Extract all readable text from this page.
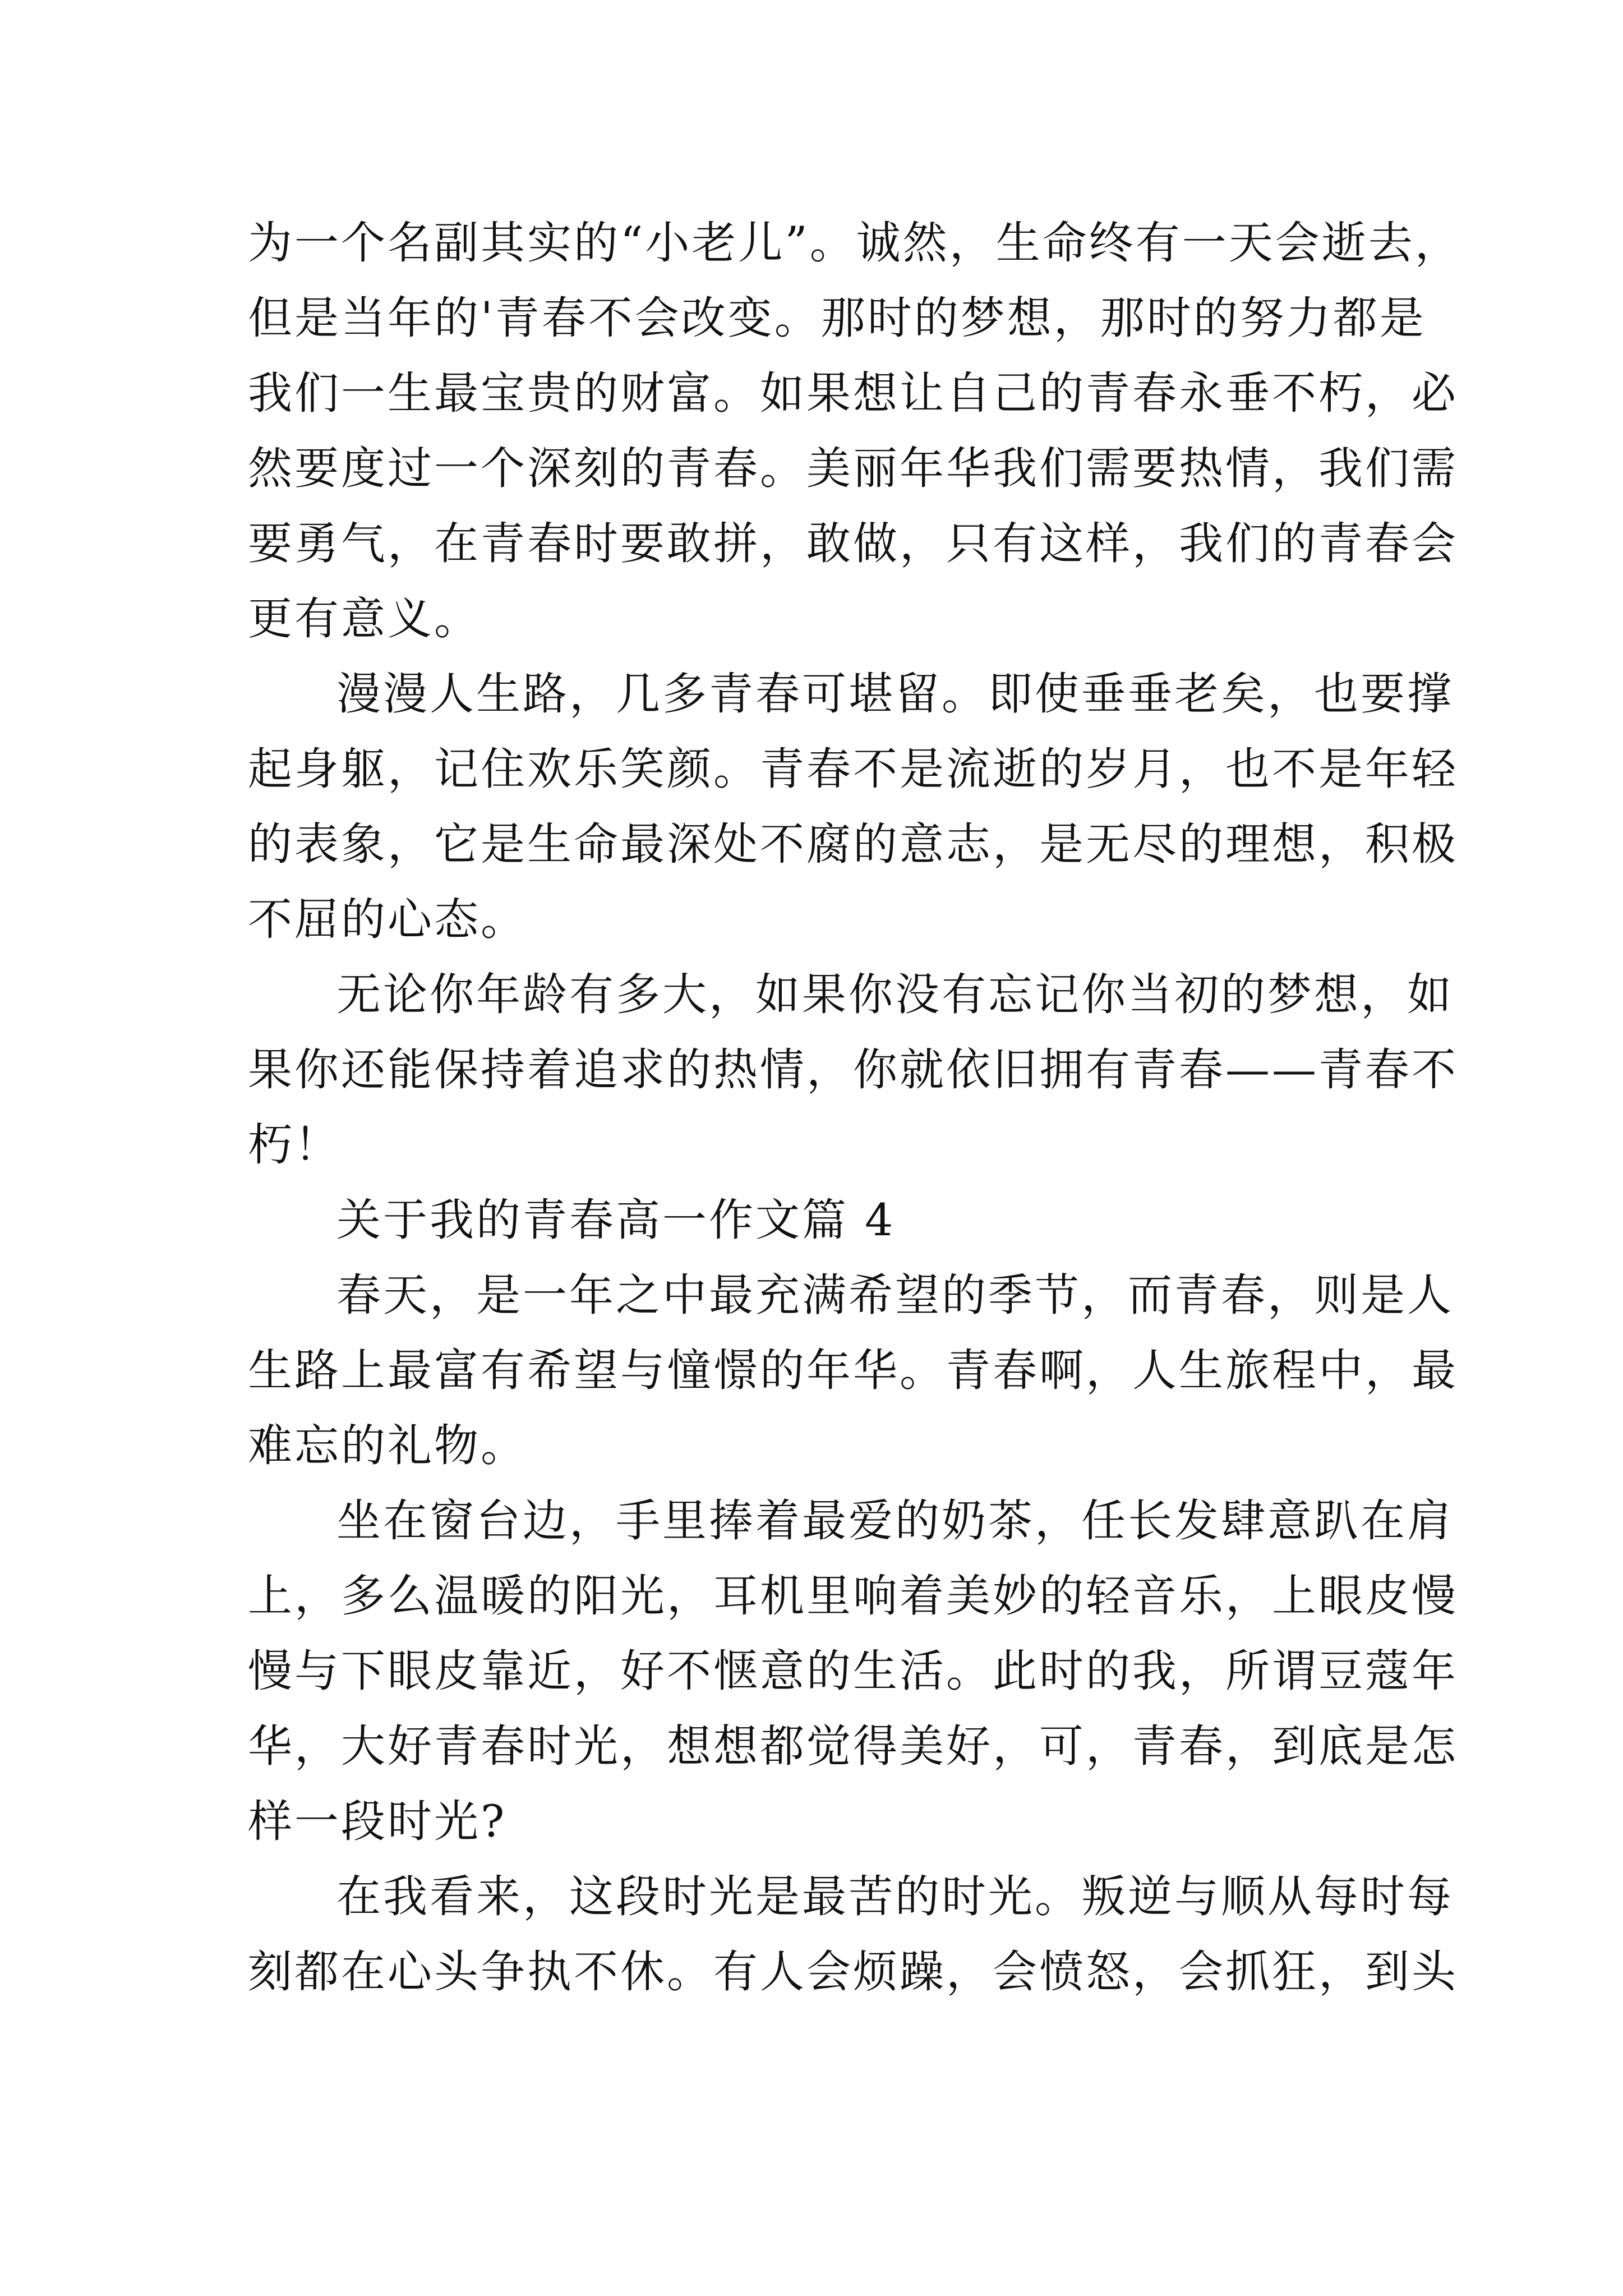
为一个名副其实的“小老儿”。诚然，生命终有一天会逝去，
但是当年的'青春不会改变。那时的梦想，那时的努力都是
我们一生最宝贵的财富。如果想让自己的青春永垂不朽，必
然要度过一个深刻的青春。美丽年华我们需要热情，我们需
要勇气，在青春时要敢拼，敢做，只有这样，我们的青春会
更有意义。
漫漫人生路，几多青春可堪留。即使垂垂老矣，也要撑
起身躯，记住欢乐笑颜。青春不是流逝的岁月，也不是年轻
的表象，它是生命最深处不腐的意志，是无尽的理想，积极
不屈的心态。
无论你年龄有多大，如果你没有忘记你当初的梦想，如
果你还能保持着追求的热情，你就依旧拥有青春——青春不
朽！
关于我的青春高一作文篇 4
春天，是一年之中最充满希望的季节，而青春，则是人
生路上最富有希望与憧憬的年华。青春啊，人生旅程中，最
难忘的礼物。
坐在窗台边，手里捧着最爱的奶茶，任长发肆意趴在肩
上，多么温暖的阳光，耳机里响着美妙的轻音乐，上眼皮慢
慢与下眼皮靠近，好不惬意的生活。此时的我，所谓豆蔻年
华，大好青春时光，想想都觉得美好，可，青春，到底是怎
样一段时光?
在我看来，这段时光是最苦的时光。叛逆与顺从每时每
刻都在心头争执不休。有人会烦躁，会愤怒，会抓狂，到头
